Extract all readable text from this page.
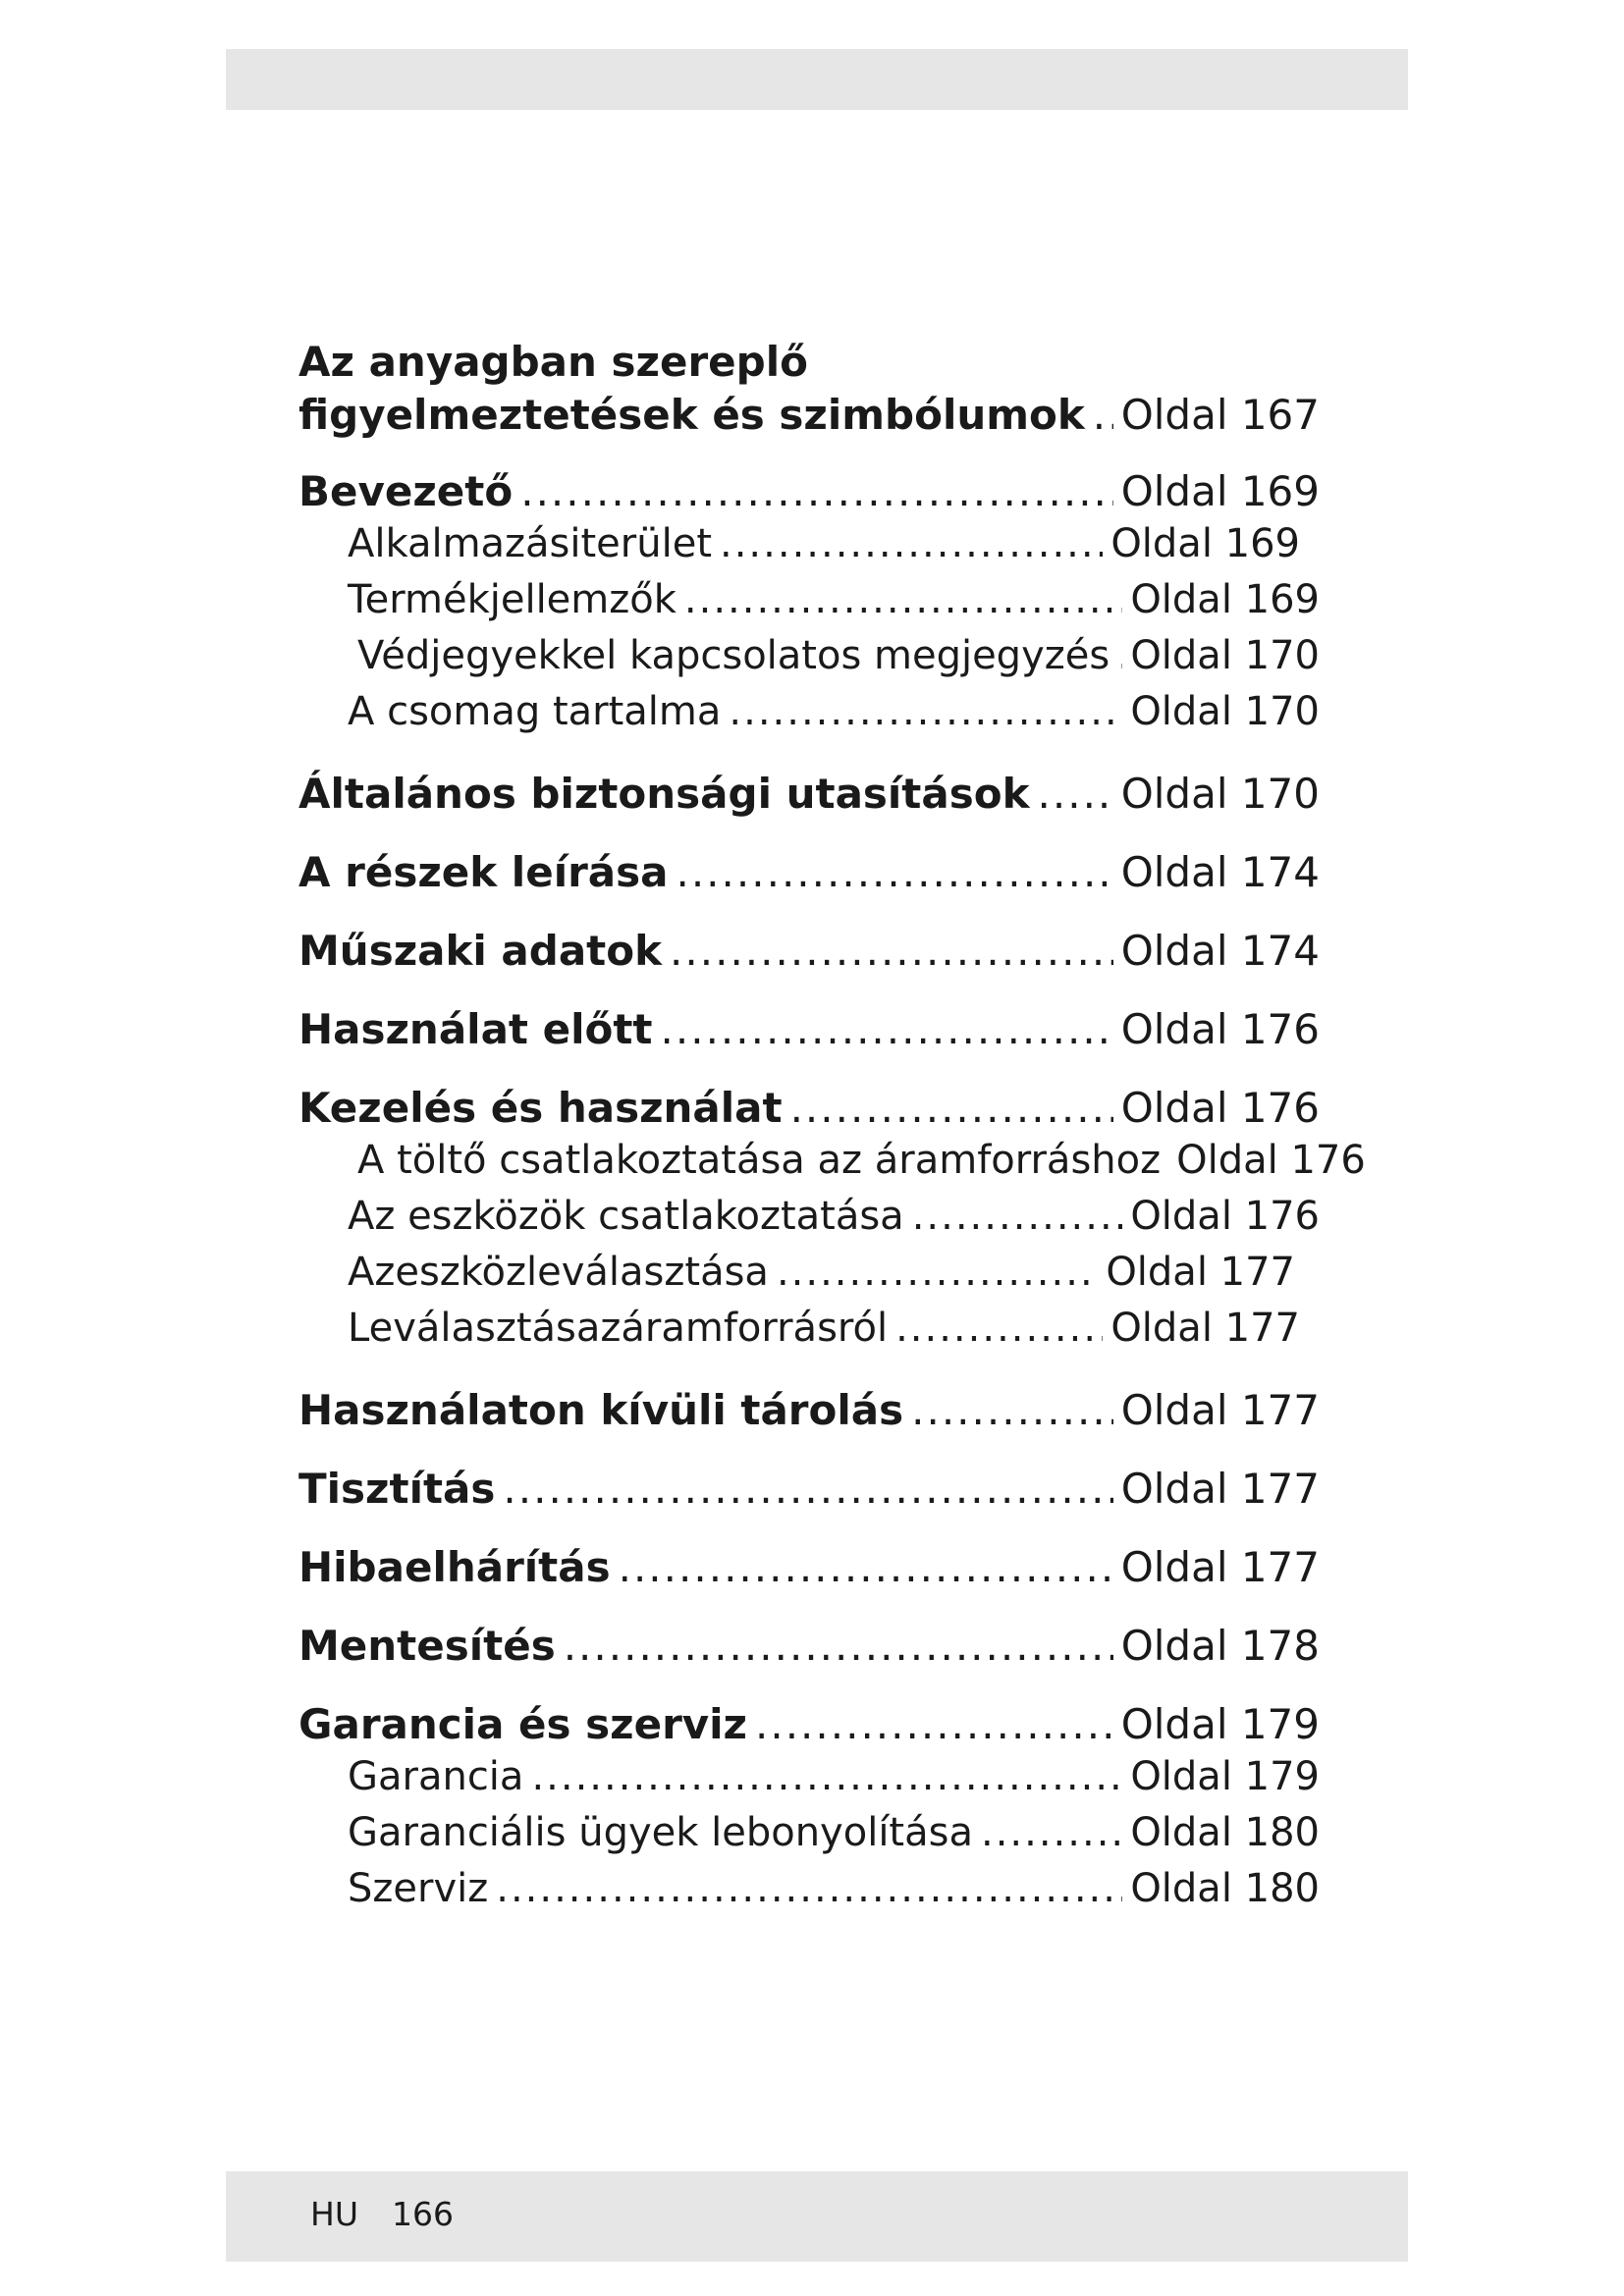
Az anyagban szereplő
figyelmeztetések és szimbólumok ..... Oldal 167
Bevezető .....	Oldal 169
Alkalmazásiterület .....	Oldal 169
Termékjellemzők .....	Oldal 169
Védjegyekkel kapcsolatos megjegyzés ..... Oldal 170
A csomag tartalma .....	Oldal 170
Általános biztonsági utasítások ..... Oldal 170
A részek leírása .....	Oldal 174
Műszaki adatok .....	Oldal 174
Használat előtt .....	Oldal 176
Kezelés és használat .....	Oldal 176
A töltő csatlakoztatása az áramforráshoz Oldal 176
Az eszközök csatlakoztatása .....	Oldal 176
Azeszközleválasztása .....	Oldal 177
Leválasztásazáramforrásról .....	Oldal 177
Használaton kívüli tárolás .....	Oldal 177
Tisztítás .....	Oldal 177
Hibaelhárítás .....	Oldal 177
Mentesítés .....	Oldal 178
Garancia és szerviz .....	Oldal 179
Garancia .....	Oldal 179
Garanciális ügyek lebonyolítása .....	Oldal 180
Szerviz .....	Oldal 180
HU 166
